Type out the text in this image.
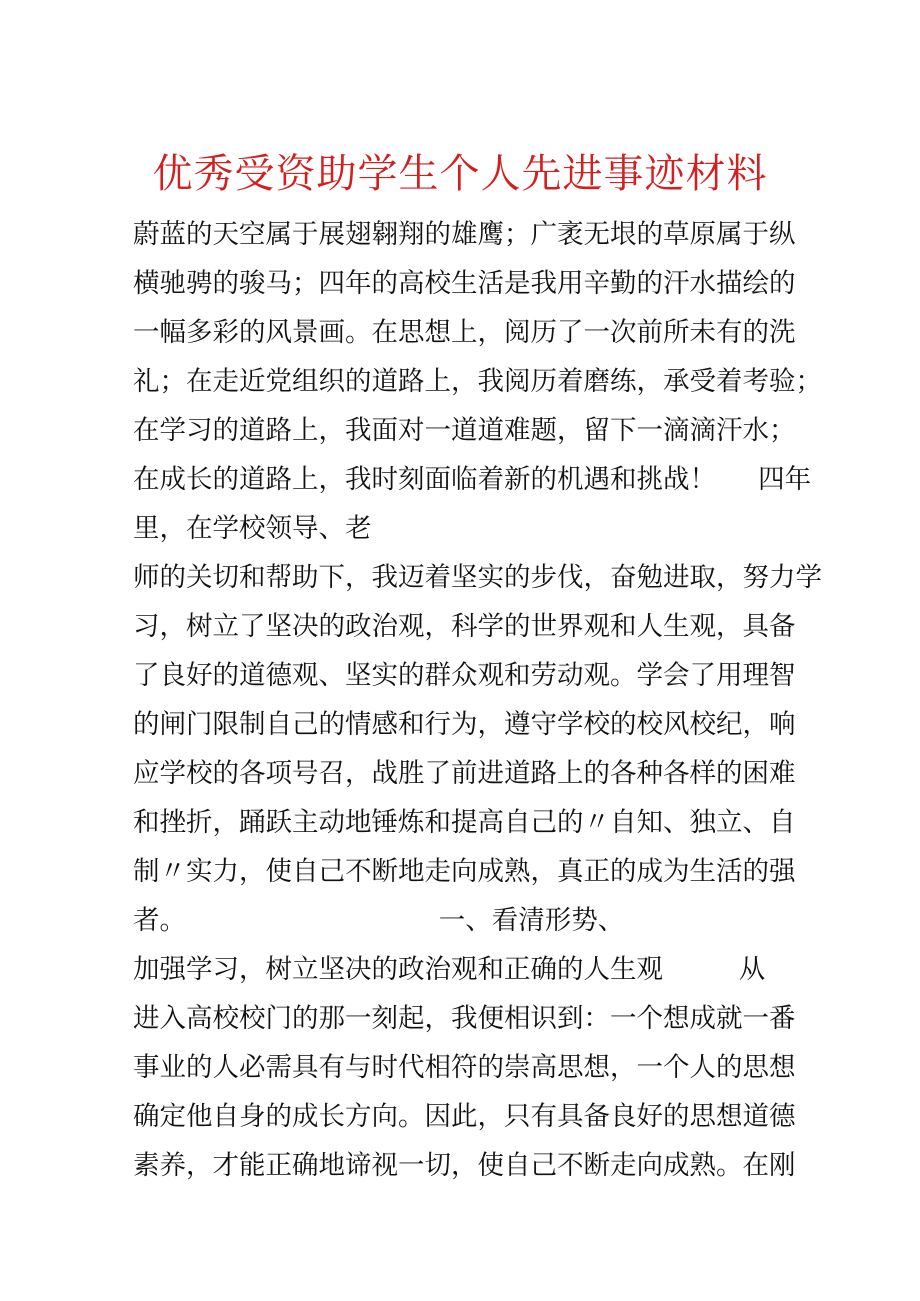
优秀受资助学生个人先进事迹材料
蔚蓝的天空属于展翅翱翔的雄鹰；广袤无垠的草原属于纵
横驰骋的骏马；四年的高校生活是我用辛勤的汗水描绘的
一幅多彩的风景画。在思想上，阅历了一次前所未有的洗
礼；在走近党组织的道路上，我阅历着磨练，承受着考验；
在学习的道路上，我面对一道道难题，留下一滴滴汗水；
在成长的道路上，我时刻面临着新的机遇和挑战！     四年
里，在学校领导、老
师的关切和帮助下，我迈着坚实的步伐，奋勉进取，努力学
习，树立了坚决的政治观，科学的世界观和人生观，具备
了良好的道德观、坚实的群众观和劳动观。学会了用理智
的闸门限制自己的情感和行为，遵守学校的校风校纪，响
应学校的各项号召，战胜了前进道路上的各种各样的困难
和挫折，踊跃主动地锤炼和提高自己的〃自知、独立、自
制〃实力，使自己不断地走向成熟，真正的成为生活的强
者。                              一、看清形势、
加强学习，树立坚决的政治观和正确的人生观         从
进入高校校门的那一刻起，我便相识到：一个想成就一番
事业的人必需具有与时代相符的崇高思想，一个人的思想
确定他自身的成长方向。因此，只有具备良好的思想道德
素养，才能正确地谛视一切，使自己不断走向成熟。在刚
